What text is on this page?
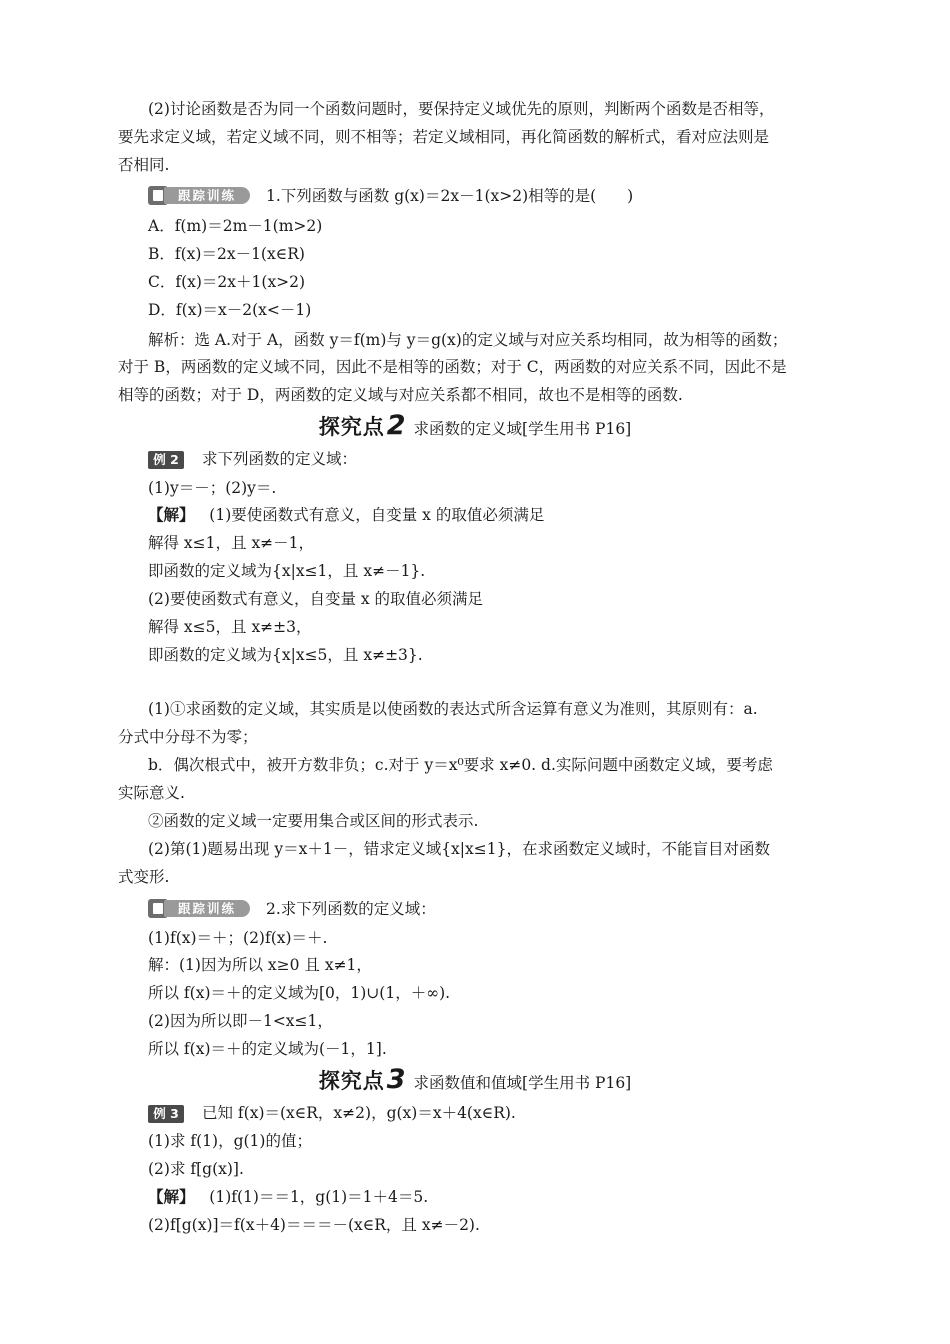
(2)讨论函数是否为同一个函数问题时，要保持定义域优先的原则，判断两个函数是否相等，
要先求定义域，若定义域不同，则不相等；若定义域相同，再化简函数的解析式，看对应法则是
否相同.
跟踪训练	1.下列函数与函数 g(x)＝2x－1(x>2)相等的是(　　)
A．f(m)＝2m－1(m>2)
B．f(x)＝2x－1(x∈R)
C．f(x)＝2x＋1(x>2)
D．f(x)＝x－2(x<－1)
解析：选 A.对于 A，函数 y＝f(m)与 y＝g(x)的定义域与对应关系均相同，故为相等的函数；
对于 B，两函数的定义域不同，因此不是相等的函数；对于 C，两函数的对应关系不同，因此不是
相等的函数；对于 D，两函数的定义域与对应关系都不相同，故也不是相等的函数.
探究点2 求函数的定义域[学生用书 P16]
例 2 求下列函数的定义域：
(1)y＝－；(2)y＝.
【解】 (1)要使函数式有意义，自变量 x 的取值必须满足
解得 x≤1，且 x≠－1，
即函数的定义域为{x|x≤1，且 x≠－1}.
(2)要使函数式有意义，自变量 x 的取值必须满足
解得 x≤5，且 x≠±3，
即函数的定义域为{x|x≤5，且 x≠±3}.
(1)①求函数的定义域，其实质是以使函数的表达式所含运算有意义为准则，其原则有：a.
分式中分母不为零；
b．偶次根式中，被开方数非负；c.对于 y＝x⁰要求 x≠0. d.实际问题中函数定义域，要考虑
实际意义.
②函数的定义域一定要用集合或区间的形式表示.
(2)第(1)题易出现 y＝x＋1－，错求定义域{x|x≤1}，在求函数定义域时，不能盲目对函数
式变形.
跟踪训练	2.求下列函数的定义域：
(1)f(x)＝＋；(2)f(x)＝＋.
解：(1)因为所以 x≥0 且 x≠1，
所以 f(x)＝＋的定义域为[0，1)∪(1，＋∞).
(2)因为所以即－1<x≤1，
所以 f(x)＝＋的定义域为(－1，1].
探究点3 求函数值和值域[学生用书 P16]
例 3 已知 f(x)＝(x∈R，x≠2)，g(x)＝x＋4(x∈R).
(1)求 f(1)，g(1)的值；
(2)求 f[g(x)].
【解】 (1)f(1)＝＝1，g(1)＝1＋4＝5.
(2)f[g(x)]＝f(x＋4)＝＝＝－(x∈R，且 x≠－2).
